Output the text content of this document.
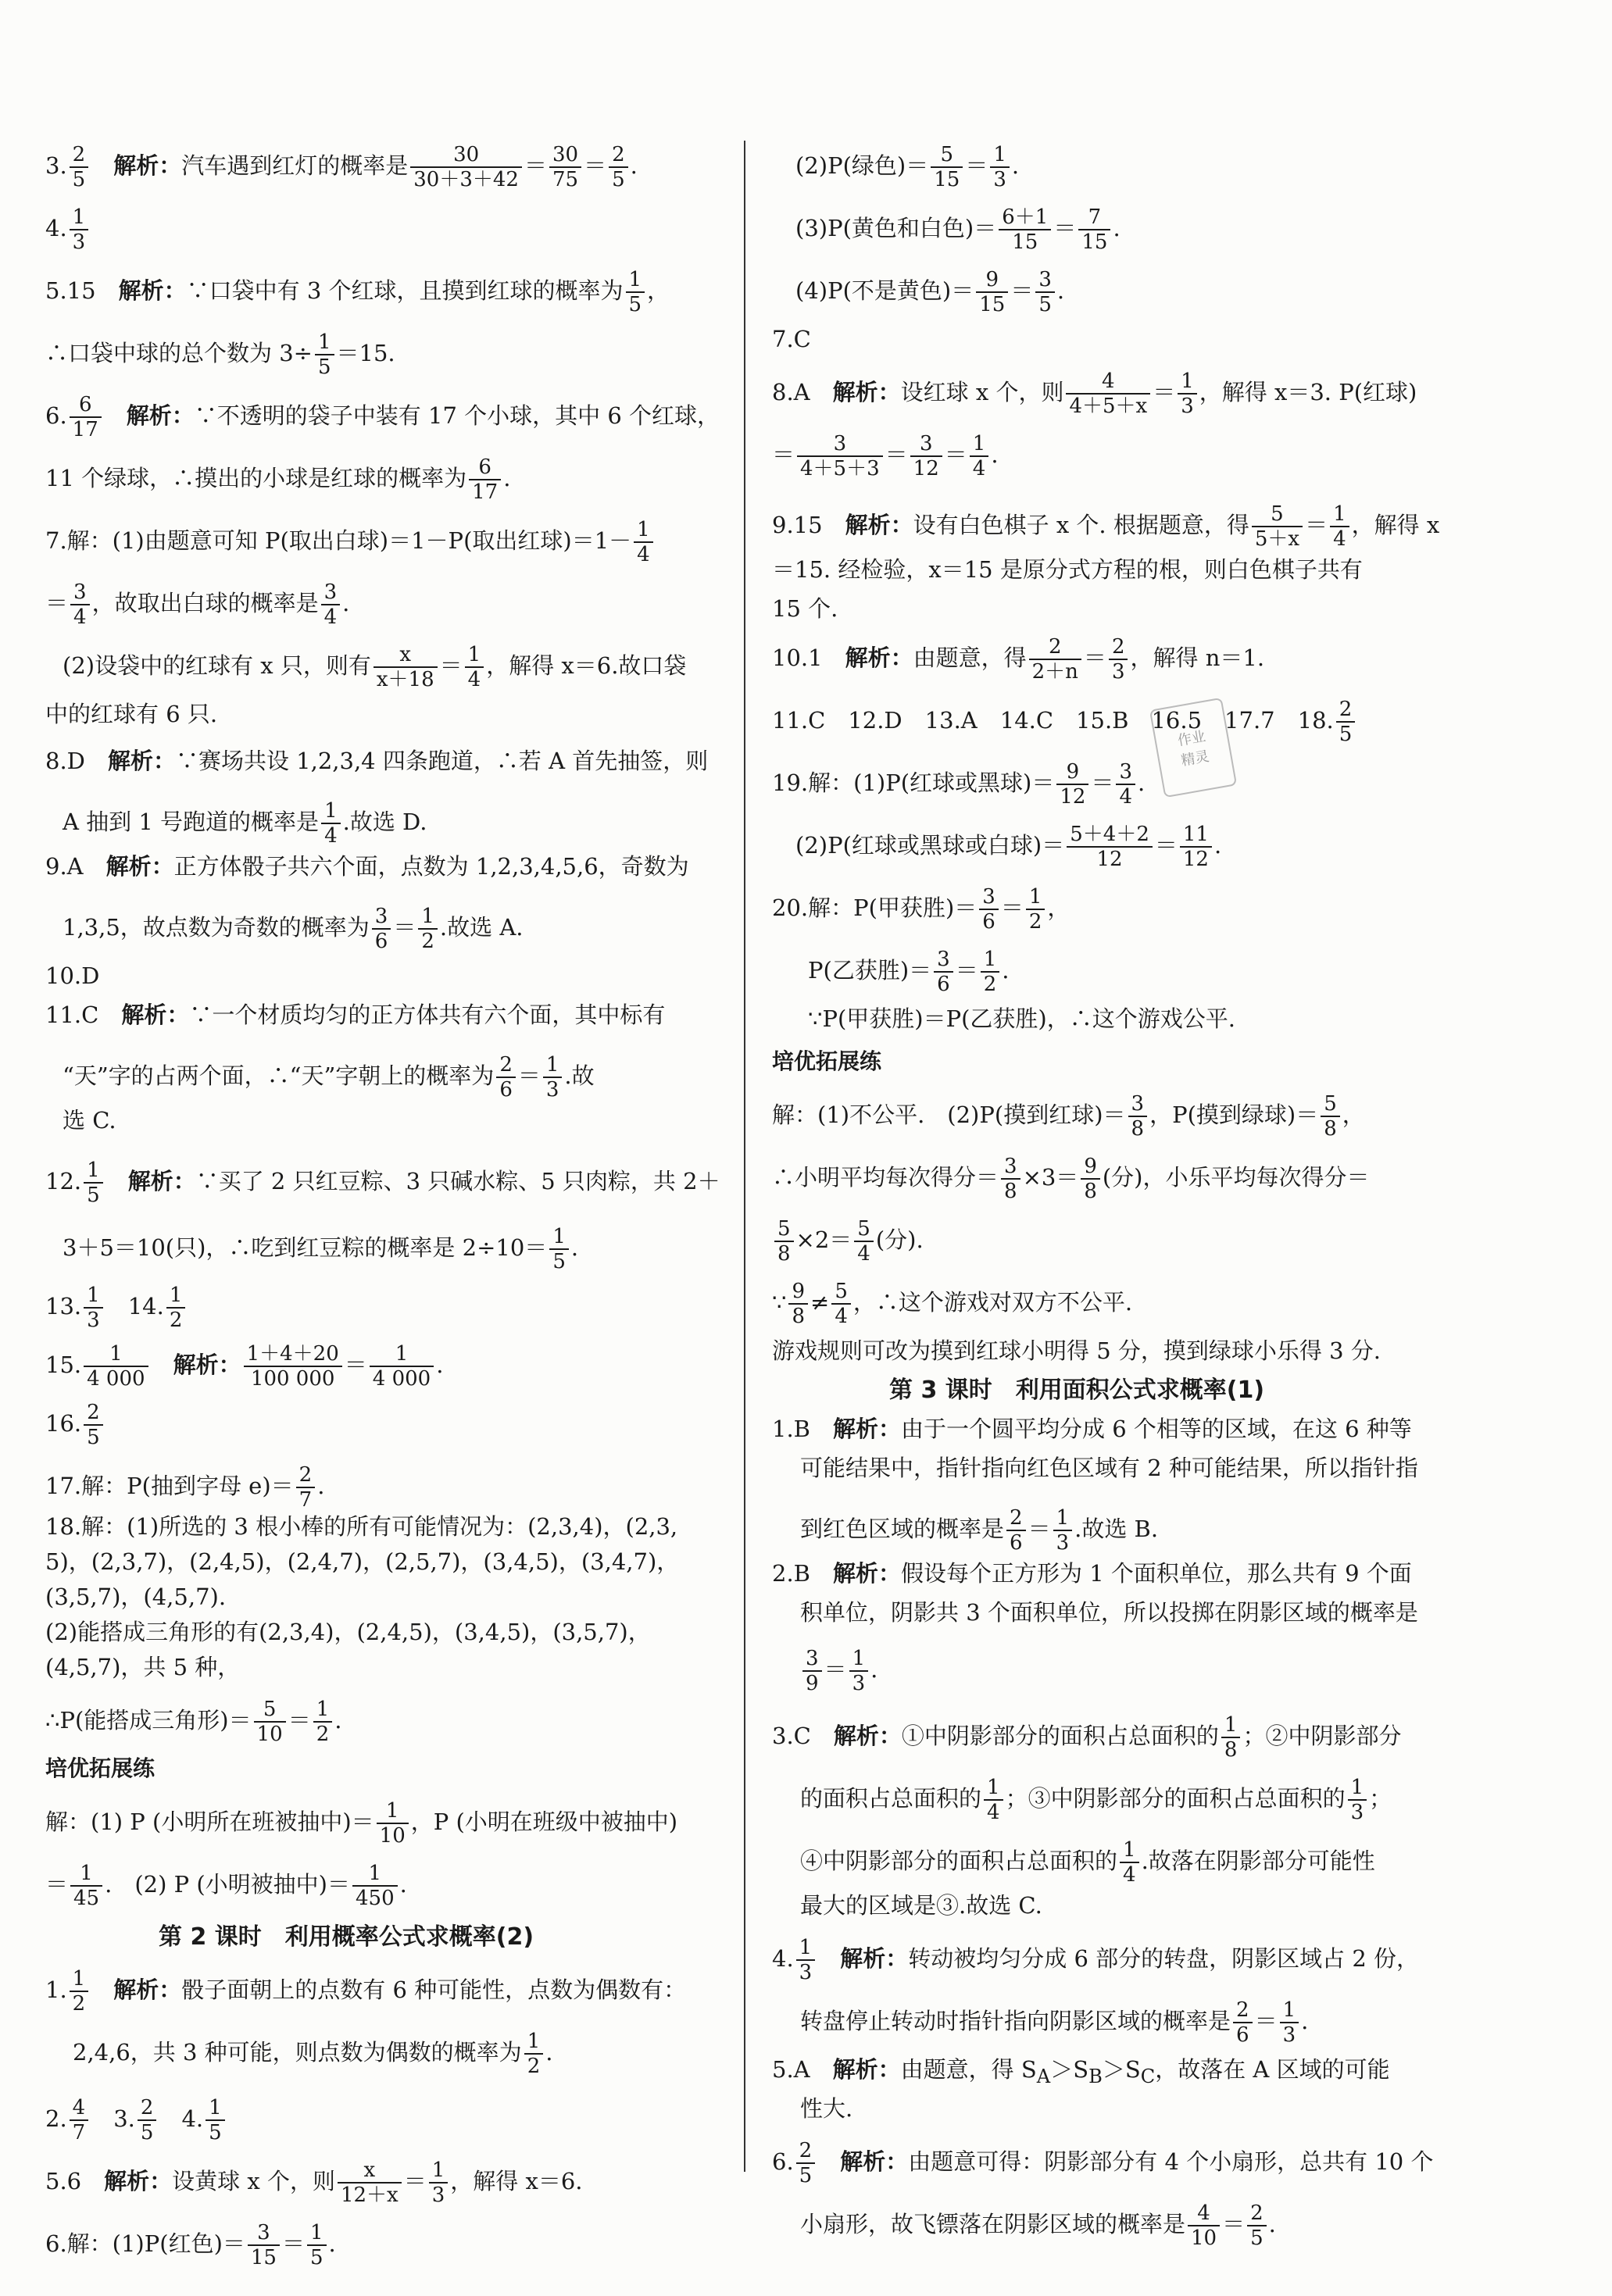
3. $\frac{2}{5}$
　 解析：汽车遇到红灯的概率是 $\frac{30}{30+3+42} = \frac{30}{75} = \frac{2}{5}$ .
4. $\frac{1}{3}$
5.15　 解析：∵口袋中有 3 个红球，且摸到红球的概率为 $\frac{1}{5}$ ，
∴口袋中球的总个数为 $3\div \frac{1}{5} =15$.
6. $\frac{6}{17}$
　 解析：∵不透明的袋子中装有 17 个小球，其中 6 个红球，
11 个绿球，∴摸出的小球是红球的概率为 $\frac{6}{17}$ .
7.解：(1)由题意可知 P(取出白球)＝1－P(取出红球)$=1- \frac{1}{4}$
＝ $\frac{3}{4}$ ，故取出白球的概率是 $\frac{3}{4}$ .
(2)设袋中的红球有 x 只，则有 $\frac{x}{x+18} = \frac{1}{4}$ ，解得 x＝6.故口袋
中的红球有 6 只.
8.D　 解析：∵赛场共设 1,2,3,4 四条跑道，∴若 A 首先抽签，则
A 抽到 1 号跑道的概率是 $\frac{1}{4}$ .故选 D.
9.A　 解析：正方体骰子共六个面，点数为 1,2,3,4,5,6，奇数为
1,3,5，故点数为奇数的概率为 $\frac{3}{6} = \frac{1}{2}$ .故选 A.
10.D
11.C　 解析：∵一个材质均匀的正方体共有六个面，其中标有
“天”字的占两个面，∴“天”字朝上的概率为 $\frac{2}{6} = \frac{1}{3}$ .故
选 C.
12. $\frac{1}{5}$
　 解析：∵买了 2 只红豆粽、3 只碱水粽、5 只肉粽，共 2＋
3＋5＝10(只)，∴吃到红豆粽的概率是 $2\div 10= \frac{1}{5}$ .
13. $\frac{1}{3}$
　 14. $\frac{1}{2}$
15. $\frac{1}{4 000}$
　 解析： $\frac{1+4+20}{100 000} = \frac{1}{4 000}$ .
16. $\frac{2}{5}$
17.解：P(抽到字母 $e)= \frac{2}{7}$ .
18.解：(1)所选的 3 根小棒的所有可能情况为：(2,3,4)，(2,3,
5)，(2,3,7)，(2,4,5)，(2,4,7)，(2,5,7)，(3,4,5)，(3,4,7)，
(3,5,7)，(4,5,7).
(2)能搭成三角形的有(2,3,4)，(2,4,5)，(3,4,5)，(3,5,7)，
(4,5,7)，共 5 种，
∴P(能搭成三角形)＝ $\frac{5}{10} = \frac{1}{2}$ .
培优拓展练
解：(1) P (小明所在班被抽中)＝ $\frac{1}{10}$ ，P (小明在班级中被抽中)
＝ $\frac{1}{45}$ .　(2) P (小明被抽中)＝ $\frac{1}{450}$ .
第 2 课时　利用概率公式求概率(2)
1. $\frac{1}{2}$
　 解析：骰子面朝上的点数有 6 种可能性，点数为偶数有：
2,4,6，共 3 种可能，则点数为偶数的概率为 $\frac{1}{2}$ .
2. $\frac{4}{7}$
　 3. $\frac{2}{5}$
　 4. $\frac{1}{5}$
5.6　 解析：设黄球 x 个，则 $\frac{x}{12+x} = \frac{1}{3}$ ，解得 x＝6.
6.解：(1)P(红色)＝ $\frac{3}{15} = \frac{1}{5}$ .
(2)P(绿色)＝ $\frac{5}{15} = \frac{1}{3}$ .
(3)P(黄色和白色)＝ $\frac{6+1}{15} = \frac{7}{15}$ .
(4)P(不是黄色)＝ $\frac{9}{15} = \frac{3}{5}$ .
7.C
8.A　 解析：设红球 x 个，则 $\frac{4}{4+5+x} = \frac{1}{3}$ ，解得 x＝3. P(红球)
＝ $\frac{3}{4+5+3} = \frac{3}{12} = \frac{1}{4}$ .
9.15　 解析：设有白色棋子 x 个. 根据题意，得 $\frac{5}{5+x} = \frac{1}{4}$ ，解得 x
＝15. 经检验，x＝15 是原分式方程的根，则白色棋子共有
15 个.
10.1　 解析：由题意，得 $\frac{2}{2+n} = \frac{2}{3}$ ，解得 n＝1.
11.C　12.D　13.A　14.C　15.B　16.5　17.7　18. $\frac{2}{5}$
19.解：(1)P(红球或黑球)＝ $\frac{9}{12} = \frac{3}{4}$ .
(2)P(红球或黑球或白球)＝ $\frac{5+4+2}{12} = \frac{11}{12}$ .
20.解：P(甲获胜)＝ $\frac{3}{6} = \frac{1}{2}$ ，
P(乙获胜)＝ $\frac{3}{6} = \frac{1}{2}$ .
∵P(甲获胜)＝P(乙获胜)，∴这个游戏公平.
培优拓展练
解：(1)不公平.　(2)P(摸到红球)＝ $\frac{3}{8}$ ，P(摸到绿球)＝ $\frac{5}{8}$ ，
∴小明平均每次得分＝ $\frac{3}{8} \times 3= \frac{9}{8}$ (分)，小乐平均每次得分＝
$\frac{5}{8} \times 2= \frac{5}{4}$ (分).
∵ $\frac{9}{8} \ne \frac{5}{4}$ ，∴这个游戏对双方不公平.
游戏规则可改为摸到红球小明得 5 分，摸到绿球小乐得 3 分.
第 3 课时　利用面积公式求概率(1)
1.B　 解析：由于一个圆平均分成 6 个相等的区域，在这 6 种等
可能结果中，指针指向红色区域有 2 种可能结果，所以指针指
到红色区域的概率是 $\frac{2}{6} = \frac{1}{3}$ .故选 B.
2.B　 解析：假设每个正方形为 1 个面积单位，那么共有 9 个面
积单位，阴影共 3 个面积单位，所以投掷在阴影区域的概率是
$\frac{3}{9} = \frac{1}{3}$ .
3.C　 解析：①中阴影部分的面积占总面积的 $\frac{1}{8}$ ；②中阴影部分
的面积占总面积的 $\frac{1}{4}$ ；③中阴影部分的面积占总面积的 $\frac{1}{3}$ ；
④中阴影部分的面积占总面积的 $\frac{1}{4}$ .故落在阴影部分可能性
最大的区域是③.故选 C.
4. $\frac{1}{3}$
　 解析：转动被均匀分成 6 部分的转盘，阴影区域占 2 份，
转盘停止转动时指针指向阴影区域的概率是 $\frac{2}{6} = \frac{1}{3}$ .
5.A　 解析：由题意，得 $S_A>S_B>S_C$，故落在 A 区域的可能
性大.
6. $\frac{2}{5}$
　 解析：由题意可得：阴影部分有 4 个小扇形，总共有 10 个
小扇形，故飞镖落在阴影区域的概率是 $\frac{4}{10} = \frac{2}{5}$ .
作业
精灵
